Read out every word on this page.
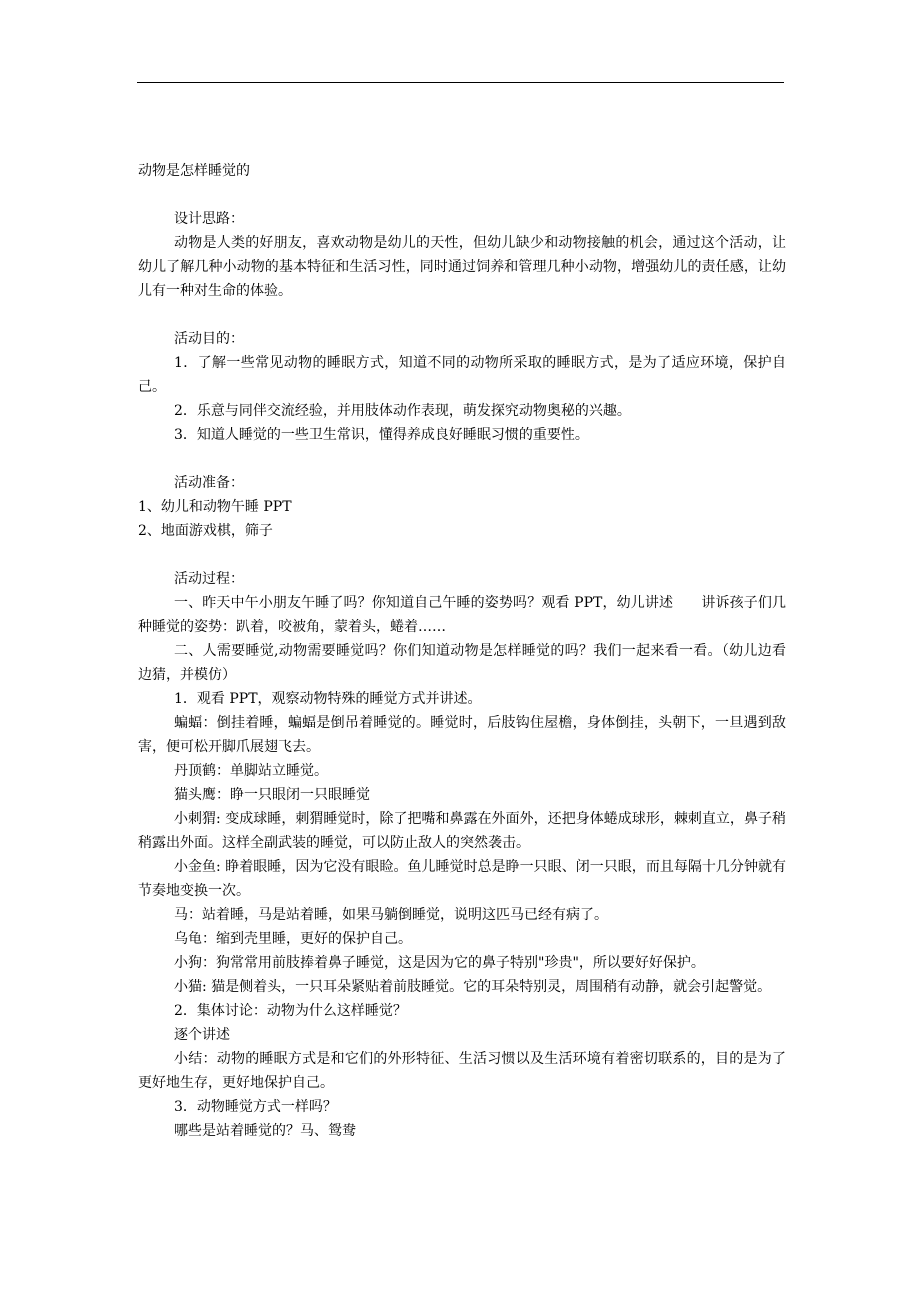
动物是怎样睡觉的

设计思路：

动物是人类的好朋友，喜欢动物是幼儿的天性，但幼儿缺少和动物接触的机会，通过这个活动，让幼儿了解几种小动物的基本特征和生活习性，同时通过饲养和管理几种小动物，增强幼儿的责任感，让幼儿有一种对生命的体验。

活动目的：

1．了解一些常见动物的睡眠方式，知道不同的动物所采取的睡眠方式，是为了适应环境，保护自己。

2．乐意与同伴交流经验，并用肢体动作表现，萌发探究动物奥秘的兴趣。

3．知道人睡觉的一些卫生常识，懂得养成良好睡眠习惯的重要性。

活动准备：

1、幼儿和动物午睡 PPT

2、地面游戏棋，筛子

活动过程：

一、昨天中午小朋友午睡了吗？你知道自己午睡的姿势吗？观看 PPT，幼儿讲述　　讲诉孩子们几种睡觉的姿势：趴着，咬被角，蒙着头，蜷着……

二、人需要睡觉,动物需要睡觉吗？你们知道动物是怎样睡觉的吗？我们一起来看一看。（幼儿边看边猜，并模仿）

1．观看 PPT，观察动物特殊的睡觉方式并讲述。

蝙蝠：倒挂着睡，蝙蝠是倒吊着睡觉的。睡觉时，后肢钩住屋檐，身体倒挂，头朝下，一旦遇到敌害，便可松开脚爪展翅飞去。

丹顶鹤：单脚站立睡觉。

猫头鹰：睁一只眼闭一只眼睡觉

小刺猬: 变成球睡，刺猬睡觉时，除了把嘴和鼻露在外面外，还把身体蜷成球形，棘刺直立，鼻子稍稍露出外面。这样全副武装的睡觉，可以防止敌人的突然袭击。

小金鱼: 睁着眼睡，因为它没有眼睑。鱼儿睡觉时总是睁一只眼、闭一只眼，而且每隔十几分钟就有节奏地变换一次。

马：站着睡，马是站着睡，如果马躺倒睡觉，说明这匹马已经有病了。

乌龟：缩到壳里睡，更好的保护自己。

小狗：狗常常用前肢捧着鼻子睡觉，这是因为它的鼻子特别"珍贵"，所以要好好保护。

小猫: 猫是侧着头，一只耳朵紧贴着前肢睡觉。它的耳朵特别灵，周围稍有动静，就会引起警觉。

2．集体讨论：动物为什么这样睡觉？

逐个讲述

小结：动物的睡眠方式是和它们的外形特征、生活习惯以及生活环境有着密切联系的，目的是为了更好地生存，更好地保护自己。

3．动物睡觉方式一样吗？

哪些是站着睡觉的？马、鸳鸯
